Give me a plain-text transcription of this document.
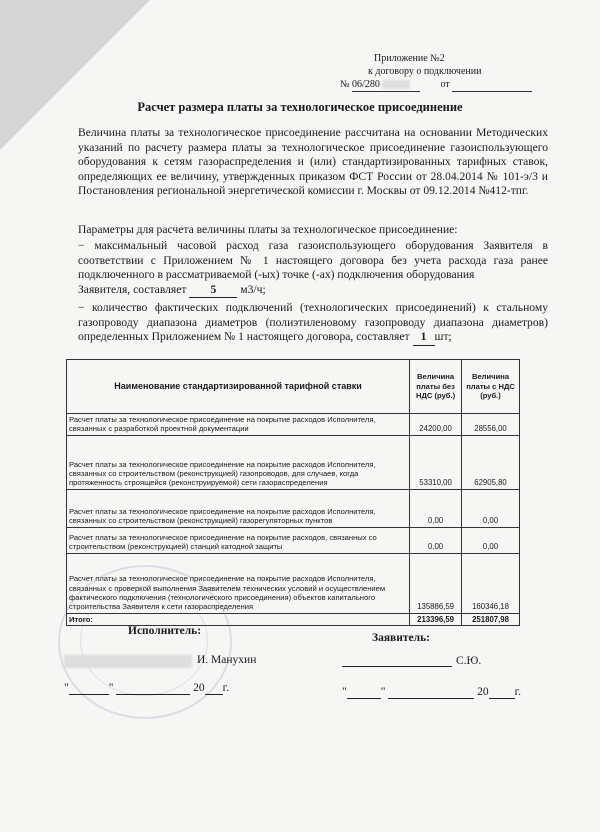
Приложение №2
к договору о подключении
№ 06/280	от
Расчет размера платы за технологическое присоединение
Величина платы за технологическое присоединение рассчитана на основании Методических указаний по расчету размера платы за технологическое присоединение газоиспользующего оборудования к сетям газораспределения и (или) стандартизированных тарифных ставок, определяющих ее величину, утвержденных приказом ФСТ России от 28.04.2014 № 101-э/3 и Постановления региональной энергетической комиссии г. Москвы от 09.12.2014 №412-тпг.
Параметры для расчета величины платы за технологическое присоединение:
− максимальный часовой расход газа газоиспользующего оборудования Заявителя в соответствии с Приложением № 1 настоящего договора без учета расхода газа ранее подключенного в рассматриваемой (-ых) точке (-ах) подключения оборудования
Заявителя, составляет 5 м3/ч;
− количество фактических подключений (технологических присоединений) к стальному газопроводу диапазона диаметров (полиэтиленовому газопроводу диапазона диаметров) определенных Приложением № 1 настоящего договора, составляет 1 шт;
Наименование стандартизированной тарифной ставки	Величина платы без НДС (руб.)	Величина платы с НДС (руб.)
Расчет платы за технологическое присоединение на покрытие расходов Исполнителя, связанных с разработкой проектной документации	24200,00	28556,00
Расчет платы за технологическое присоединение на покрытие расходов Исполнителя, связанных со строительством (реконструкцией) газопроводов, для случаев, когда протяженность строящейся (реконструируемой) сети газораспределения	53310,00	62905,80
Расчет платы за технологическое присоединение на покрытие расходов Исполнителя, связанных со строительством (реконструкцией) газорегуляторных пунктов	0,00	0,00
Расчет платы за технологическое присоединение на покрытие расходов, связанных со строительством (реконструкцией) станций катодной защиты	0,00	0,00
Расчет платы за технологическое присоединение на покрытие расходов Исполнителя, связанных с проверкой выполнения Заявителем технических условий и осуществлением фактического подключения (технологического присоединения) объектов капитального строительства Заявителя к сети газораспределения	135886,59	160346,18
Итого:	213396,59	251807,98
Исполнитель:
Заявитель:
И. Манухин	С.Ю.
"	"	20 г.	"	"	20 г.
